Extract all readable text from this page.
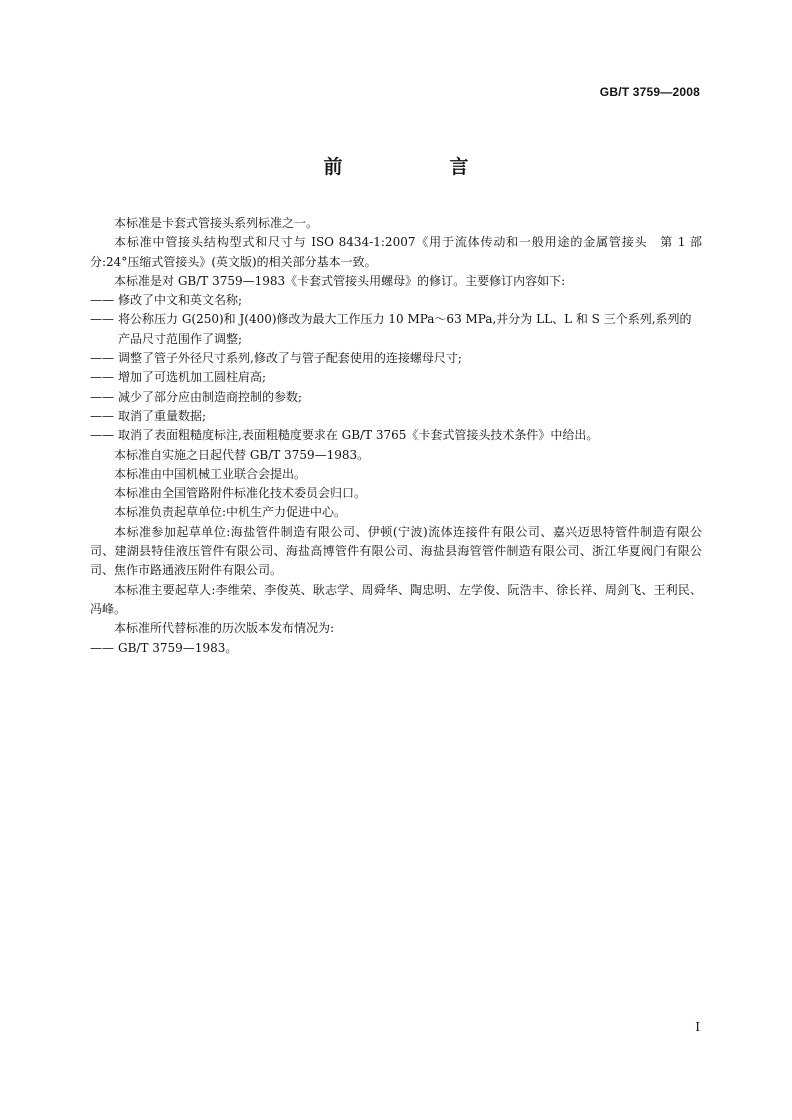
GB/T 3759—2008
前　言

本标准是卡套式管接头系列标准之一。

本标准中管接头结构型式和尺寸与 ISO 8434-1:2007《用于流体传动和一般用途的金属管接头　第 1 部分:24°压缩式管接头》(英文版)的相关部分基本一致。

本标准是对 GB/T 3759—1983《卡套式管接头用螺母》的修订。主要修订内容如下:

—— 修改了中文和英文名称;

—— 将公称压力 G(250)和 J(400)修改为最大工作压力 10 MPa～63 MPa,并分为 LL、L 和 S 三个系列,系列的产品尺寸范围作了调整;

—— 调整了管子外径尺寸系列,修改了与管子配套使用的连接螺母尺寸;

—— 增加了可选机加工圆柱肩高;

—— 减少了部分应由制造商控制的参数;

—— 取消了重量数据;

—— 取消了表面粗糙度标注,表面粗糙度要求在 GB/T 3765《卡套式管接头技术条件》中给出。

本标准自实施之日起代替 GB/T 3759—1983。

本标准由中国机械工业联合会提出。

本标准由全国管路附件标准化技术委员会归口。

本标准负责起草单位:中机生产力促进中心。

本标准参加起草单位:海盐管件制造有限公司、伊顿(宁波)流体连接件有限公司、嘉兴迈思特管件制造有限公司、建湖县特佳液压管件有限公司、海盐高博管件有限公司、海盐县海管管件制造有限公司、浙江华夏阀门有限公司、焦作市路通液压附件有限公司。

本标准主要起草人:李维荣、李俊英、耿志学、周舜华、陶忠明、左学俊、阮浩丰、徐长祥、周剑飞、王利民、冯峰。

本标准所代替标准的历次版本发布情况为:

—— GB/T 3759—1983。

I
